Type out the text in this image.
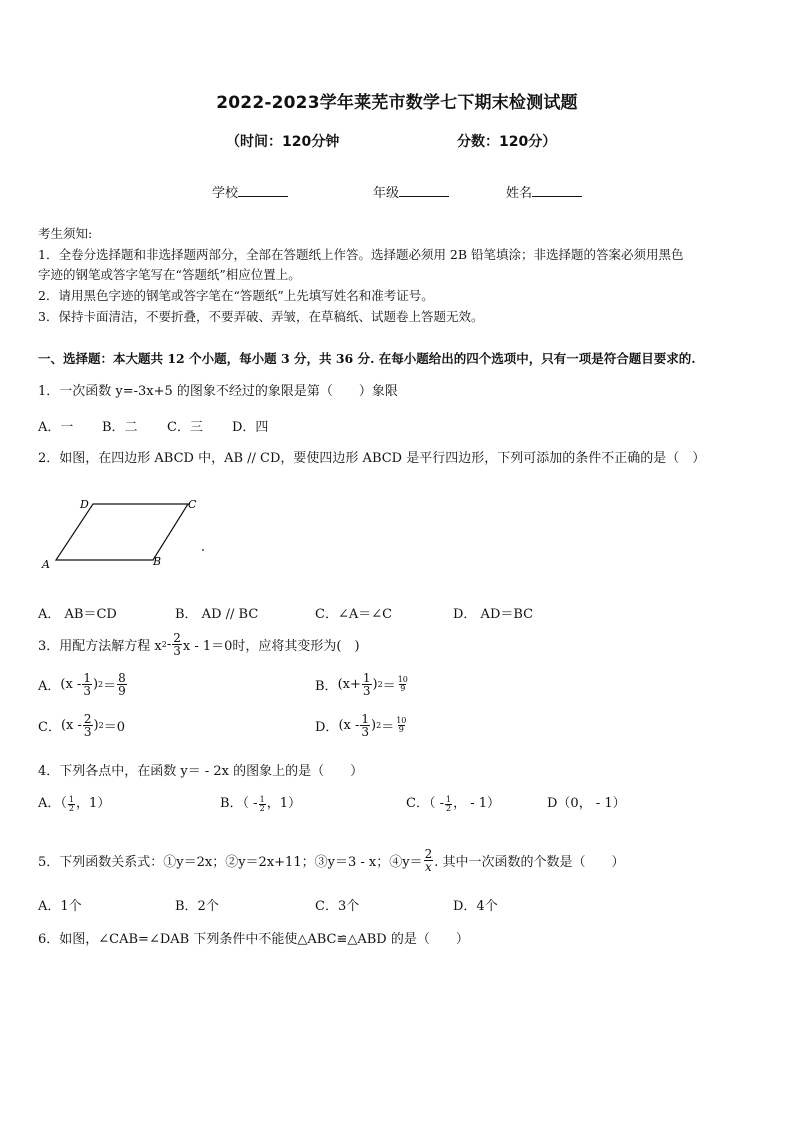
2022-2023学年莱芜市数学七下期末检测试题
（时间：120分钟	分数：120分）
学校	年级	姓名
考生须知:
1．全卷分选择题和非选择题两部分，全部在答题纸上作答。选择题必须用 2B 铅笔填涂；非选择题的答案必须用黑色
字迹的钢笔或答字笔写在“答题纸”相应位置上。
2．请用黑色字迹的钢笔或答字笔在“答题纸”上先填写姓名和准考证号。
3．保持卡面清洁，不要折叠，不要弄破、弄皱，在草稿纸、试题卷上答题无效。
一、选择题：本大题共 12 个小题，每小题 3 分，共 36 分. 在每小题给出的四个选项中，只有一项是符合题目要求的.
1．一次函数 y=-3x+5 的图象不经过的象限是第（　　）象限
A．一 B．二 C．三 D．四
2．如图，在四边形 ABCD 中，AB // CD，要使四边形 ABCD 是平行四边形，下列可添加的条件不正确的是（　）
A	B
C
D
A． AB＝CD	B． AD // BC	C．∠A＝∠C	D． AD＝BC
3．用配方法解方程 x $2 - \frac{2}{3}$ x - 1＝0时，应将其变形为(　)
A． ($x - \frac{1}{3}$ ) $2 = \frac{8}{9}$	B． ($x+ \frac{1}{3}$ ) $2 = \frac{10}{9}$
C． ($x - \frac{2}{3}$ ) 2 ＝0	D． ($x - \frac{1}{3}$ ) $2 = \frac{10}{9}$
4．下列各点中，在函数 y＝ - 2x 的图象上的是（　　）
A．（ $\frac{1}{2}$ ，1）	B．（ - $\frac{1}{2}$ ，1）	C．（ - $\frac{1}{2}$ ， - 1）	D（0， - 1）
5．下列函数关系式：①y＝2x；②y＝2x+11；③y＝3 - x；④y＝ $\frac{2}{x}$ . 其中一次函数的个数是（　　）
A．1个	B．2个	C．3个	D．4个
6．如图，∠CAB=∠DAB 下列条件中不能使△ABC≌△ABD 的是（　　）
